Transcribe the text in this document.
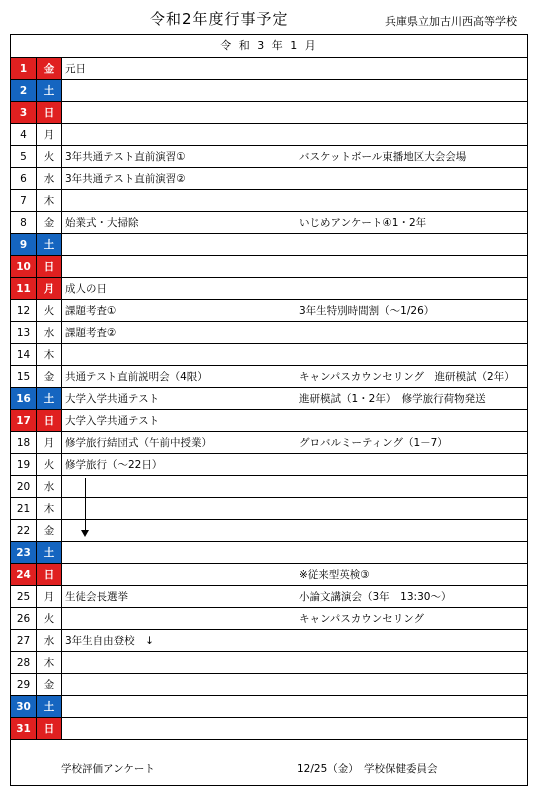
令和2年度行事予定	兵庫県立加古川西高等学校
令 和 3 年 1 月
1	金	元日	
2	土		
3	日		
4	月		
5	火	3年共通テスト直前演習①	バスケットボール東播地区大会会場
6	水	3年共通テスト直前演習②	
7	木		
8	金	始業式・大掃除	いじめアンケート④1・2年
9	土		
10	日		
11	月	成人の日	
12	火	課題考査①	3年生特別時間割（～1/26）
13	水	課題考査②	
14	木		
15	金	共通テスト直前説明会（4限）	キャンパスカウンセリング　進研模試（2年）
16	土	大学入学共通テスト	進研模試（1・2年）　修学旅行荷物発送
17	日	大学入学共通テスト	
18	月	修学旅行結団式（午前中授業）	グロバルミーティング（1－7）
19	火	修学旅行（～22日）	
20	水		
21	木		
22	金		
23	土		
24	日		※従来型英検③
25	月	生徒会長選挙	小論文講演会（3年　13:30～）
26	火		キャンパスカウンセリング
27	水	3年生自由登校　↓	
28	木		
29	金		
30	土		
31	日		
学校評価アンケート	12/25（金）　学校保健委員会
